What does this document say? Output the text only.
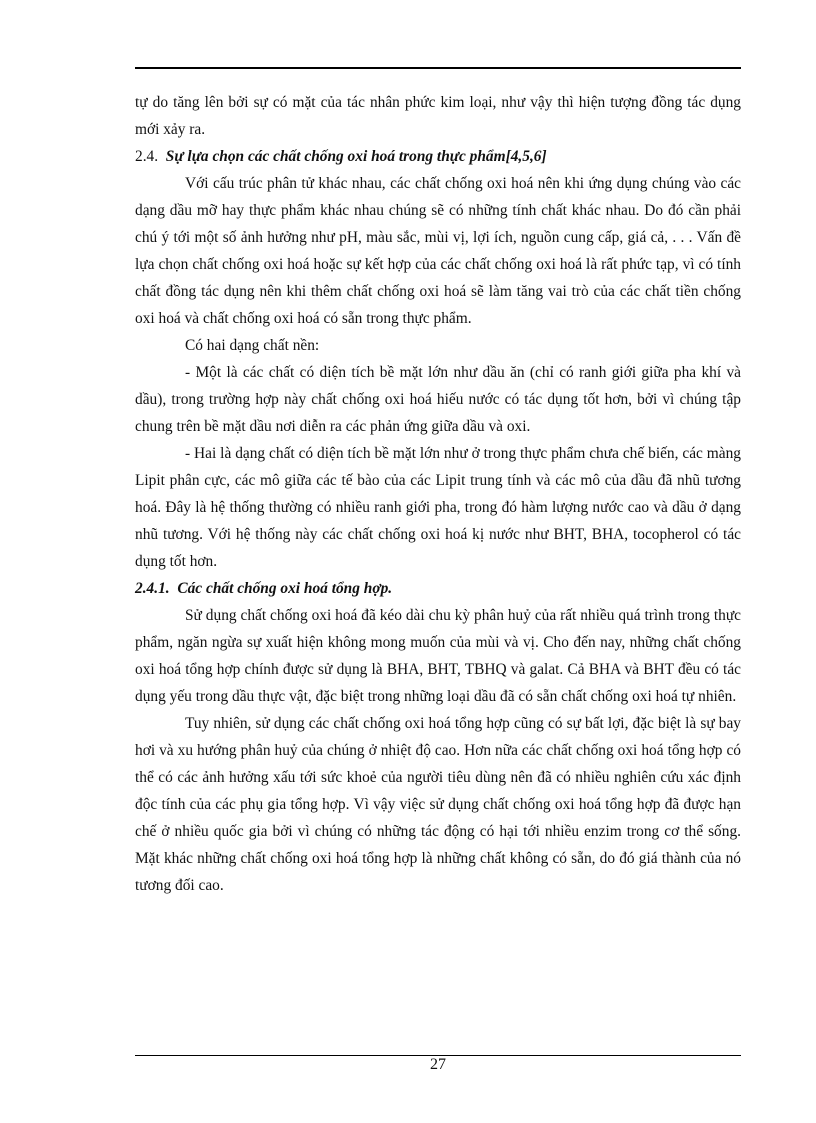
tự do tăng lên bởi sự có mặt của tác nhân phức kim loại, như vậy thì hiện tượng đồng tác dụng mới xảy ra.

2.4. Sự lựa chọn các chất chống oxi hoá trong thực phẩm[4,5,6]

Với cấu trúc phân tử khác nhau, các chất chống oxi hoá nên khi ứng dụng chúng vào các dạng dầu mỡ hay thực phẩm khác nhau chúng sẽ có những tính chất khác nhau. Do đó cần phải chú ý tới một số ảnh hưởng như pH, màu sắc, mùi vị, lợi ích, nguồn cung cấp, giá cả, . . . Vấn đề lựa chọn chất chống oxi hoá hoặc sự kết hợp của các chất chống oxi hoá là rất phức tạp, vì có tính chất đồng tác dụng nên khi thêm chất chống oxi hoá sẽ làm tăng vai trò của các chất tiền chống oxi hoá và chất chống oxi hoá có sẵn trong thực phẩm.

Có hai dạng chất nền:

- Một là các chất có diện tích bề mặt lớn như dầu ăn (chỉ có ranh giới giữa pha khí và dầu), trong trường hợp này chất chống oxi hoá hiếu nước có tác dụng tốt hơn, bởi vì chúng tập chung trên bề mặt dầu nơi diễn ra các phản ứng giữa dầu và oxi.

- Hai là dạng chất có diện tích bề mặt lớn như ở trong thực phẩm chưa chế biến, các màng Lipit phân cực, các mô giữa các tế bào của các Lipit trung tính và các mô của dầu đã nhũ tương hoá. Đây là hệ thống thường có nhiều ranh giới pha, trong đó hàm lượng nước cao và dầu ở dạng nhũ tương. Với hệ thống này các chất chống oxi hoá kị nước như BHT, BHA, tocopherol có tác dụng tốt hơn.

2.4.1. Các chất chống oxi hoá tổng hợp.

Sử dụng chất chống oxi hoá đã kéo dài chu kỳ phân huỷ của rất nhiều quá trình trong thực phẩm, ngăn ngừa sự xuất hiện không mong muốn của mùi và vị. Cho đến nay, những chất chống oxi hoá tổng hợp chính được sử dụng là BHA, BHT, TBHQ và galat. Cả BHA và BHT đều có tác dụng yếu trong dầu thực vật, đặc biệt trong những loại dầu đã có sẵn chất chống oxi hoá tự nhiên.

Tuy nhiên, sử dụng các chất chống oxi hoá tổng hợp cũng có sự bất lợi, đặc biệt là sự bay hơi và xu hướng phân huỷ của chúng ở nhiệt độ cao. Hơn nữa các chất chống oxi hoá tổng hợp có thể có các ảnh hưởng xấu tới sức khoẻ của người tiêu dùng nên đã có nhiều nghiên cứu xác định độc tính của các phụ gia tổng hợp. Vì vậy việc sử dụng chất chống oxi hoá tổng hợp đã được hạn chế ở nhiều quốc gia bởi vì chúng có những tác động có hại tới nhiều enzim trong cơ thể sống. Mặt khác những chất chống oxi hoá tổng hợp là những chất không có sẵn, do đó giá thành của nó tương đối cao.

27
